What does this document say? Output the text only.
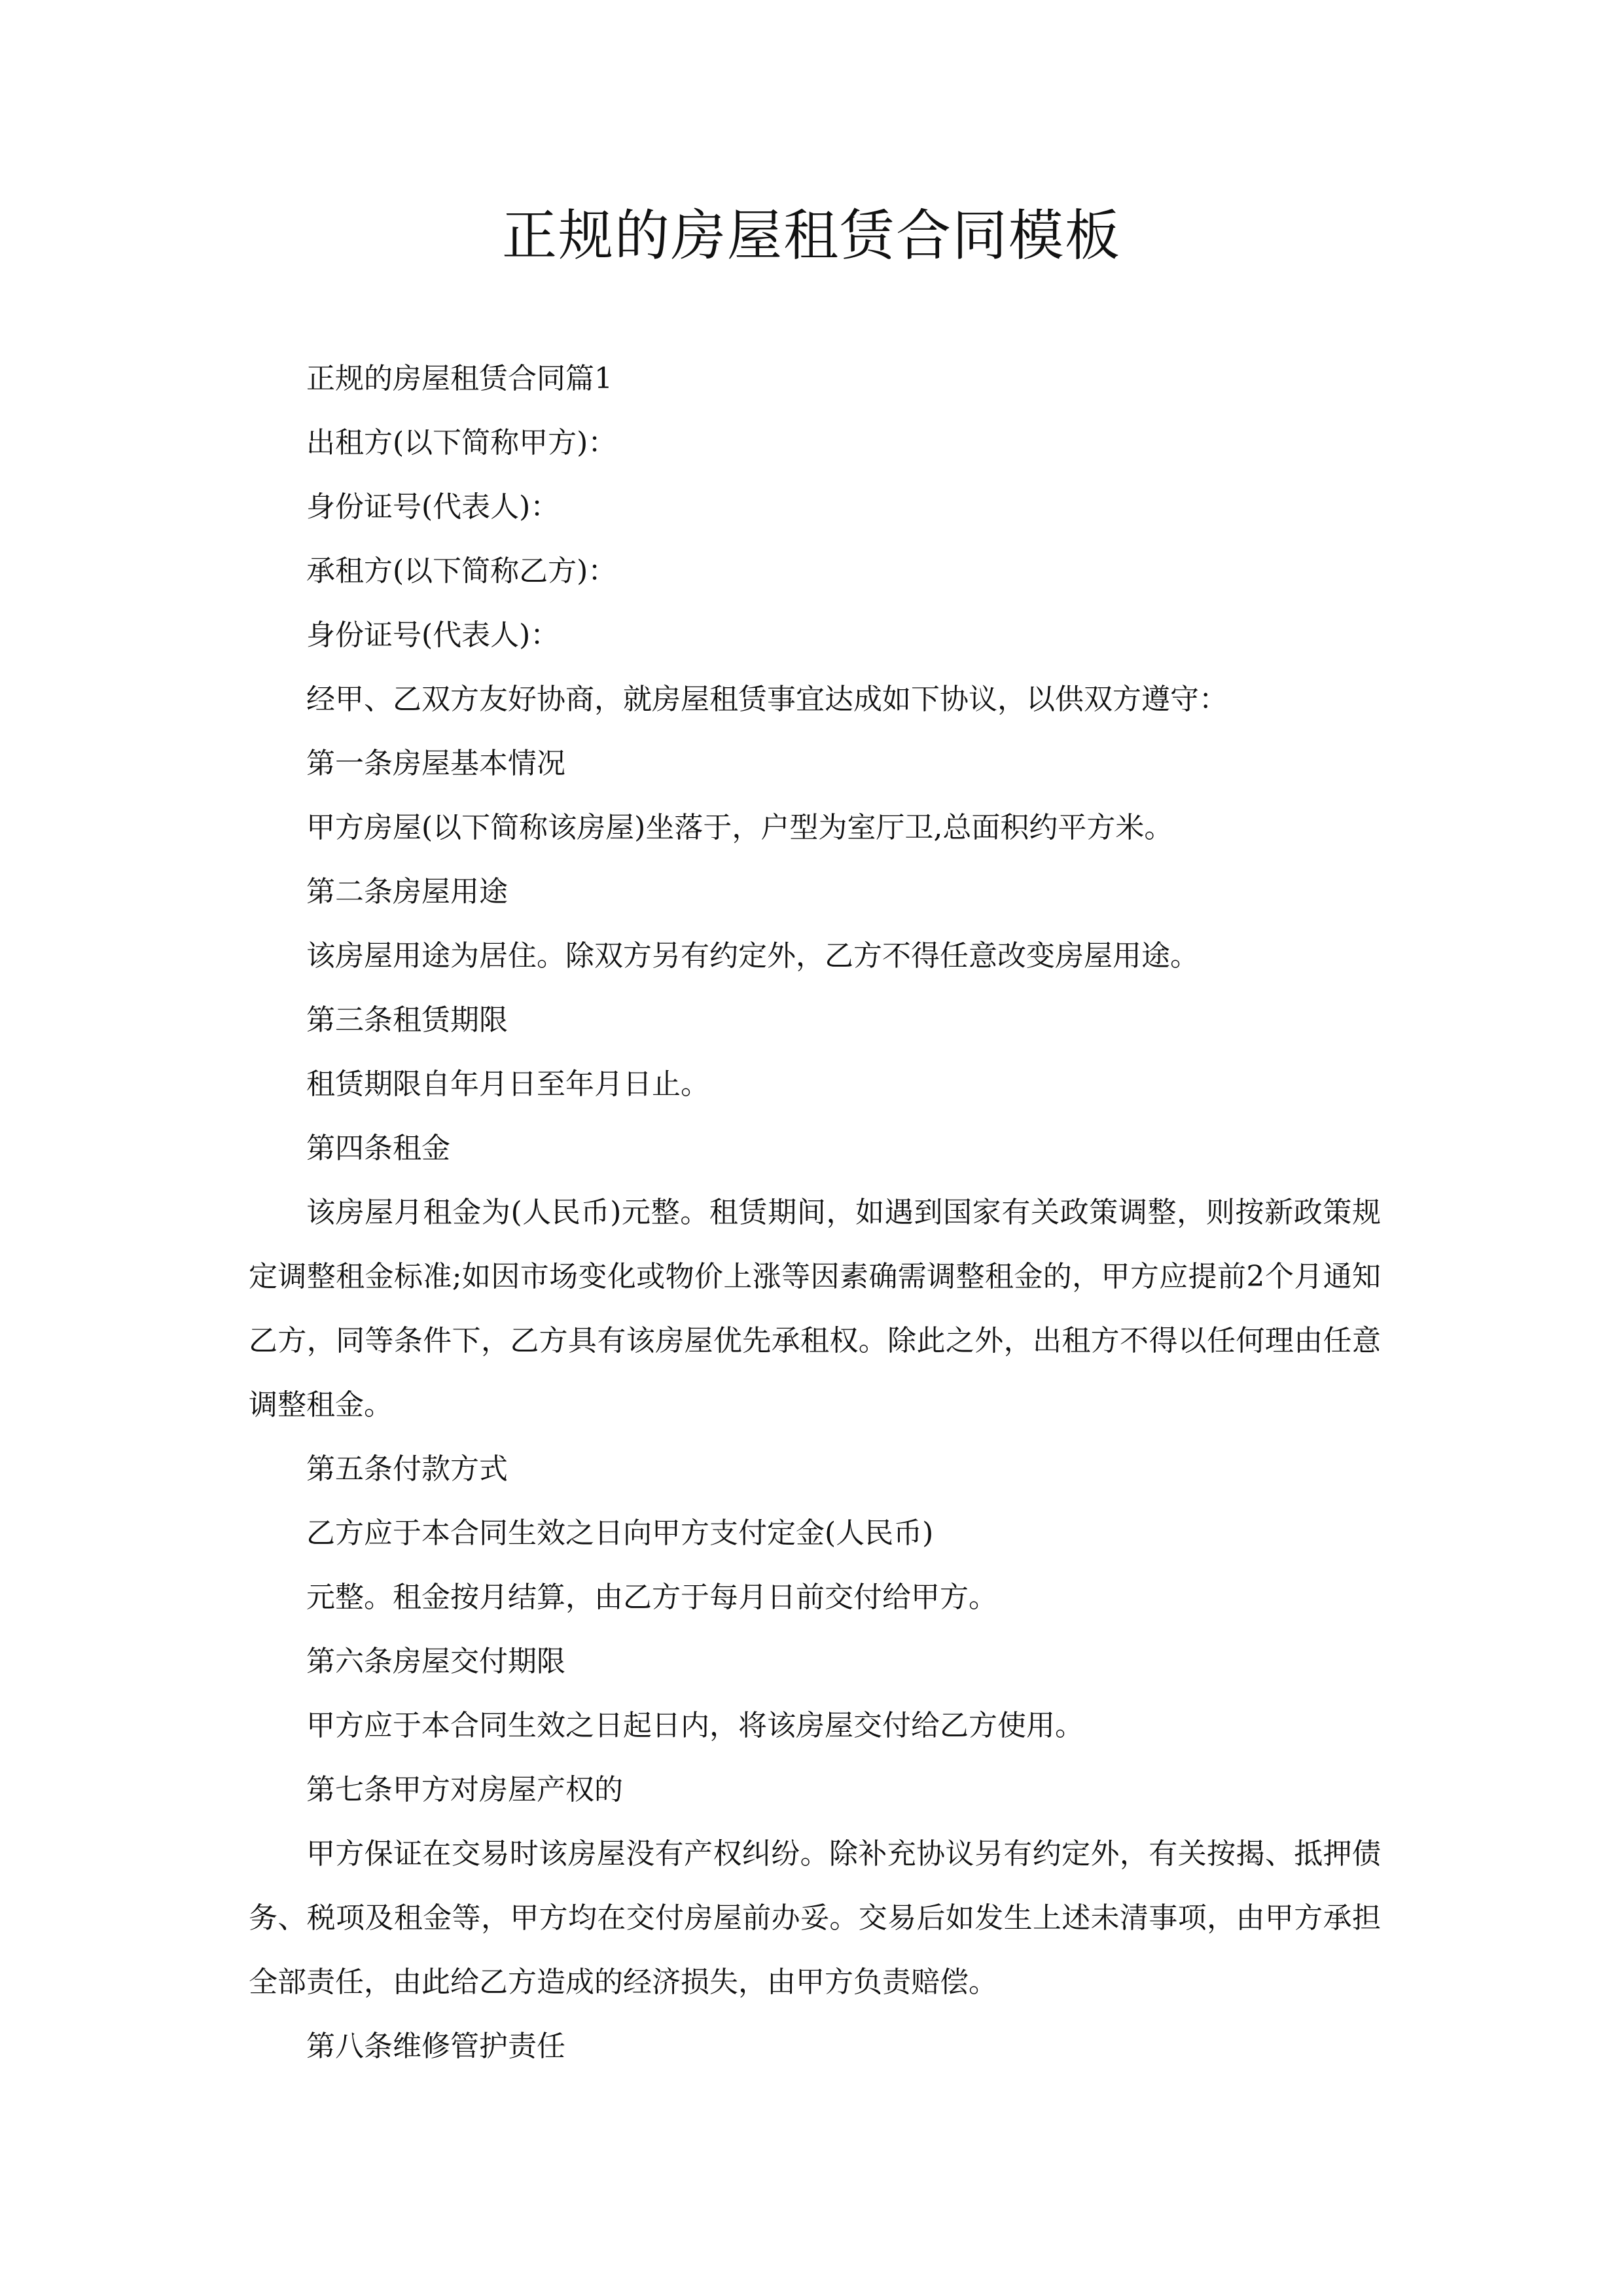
正规的房屋租赁合同模板

正规的房屋租赁合同篇1

出租方(以下简称甲方)：

身份证号(代表人)：

承租方(以下简称乙方)：

身份证号(代表人)：

经甲、乙双方友好协商，就房屋租赁事宜达成如下协议，以供双方遵守：

第一条房屋基本情况

甲方房屋(以下简称该房屋)坐落于，户型为室厅卫,总面积约平方米。

第二条房屋用途

该房屋用途为居住。除双方另有约定外，乙方不得任意改变房屋用途。

第三条租赁期限

租赁期限自年月日至年月日止。

第四条租金

该房屋月租金为(人民币)元整。租赁期间，如遇到国家有关政策调整，则按新政策规定调整租金标准;如因市场变化或物价上涨等因素确需调整租金的，甲方应提前2个月通知乙方，同等条件下，乙方具有该房屋优先承租权。除此之外，出租方不得以任何理由任意调整租金。

第五条付款方式

乙方应于本合同生效之日向甲方支付定金(人民币)

元整。租金按月结算，由乙方于每月日前交付给甲方。

第六条房屋交付期限

甲方应于本合同生效之日起日内，将该房屋交付给乙方使用。

第七条甲方对房屋产权的

甲方保证在交易时该房屋没有产权纠纷。除补充协议另有约定外，有关按揭、抵押债务、税项及租金等，甲方均在交付房屋前办妥。交易后如发生上述未清事项，由甲方承担全部责任，由此给乙方造成的经济损失，由甲方负责赔偿。

第八条维修管护责任
